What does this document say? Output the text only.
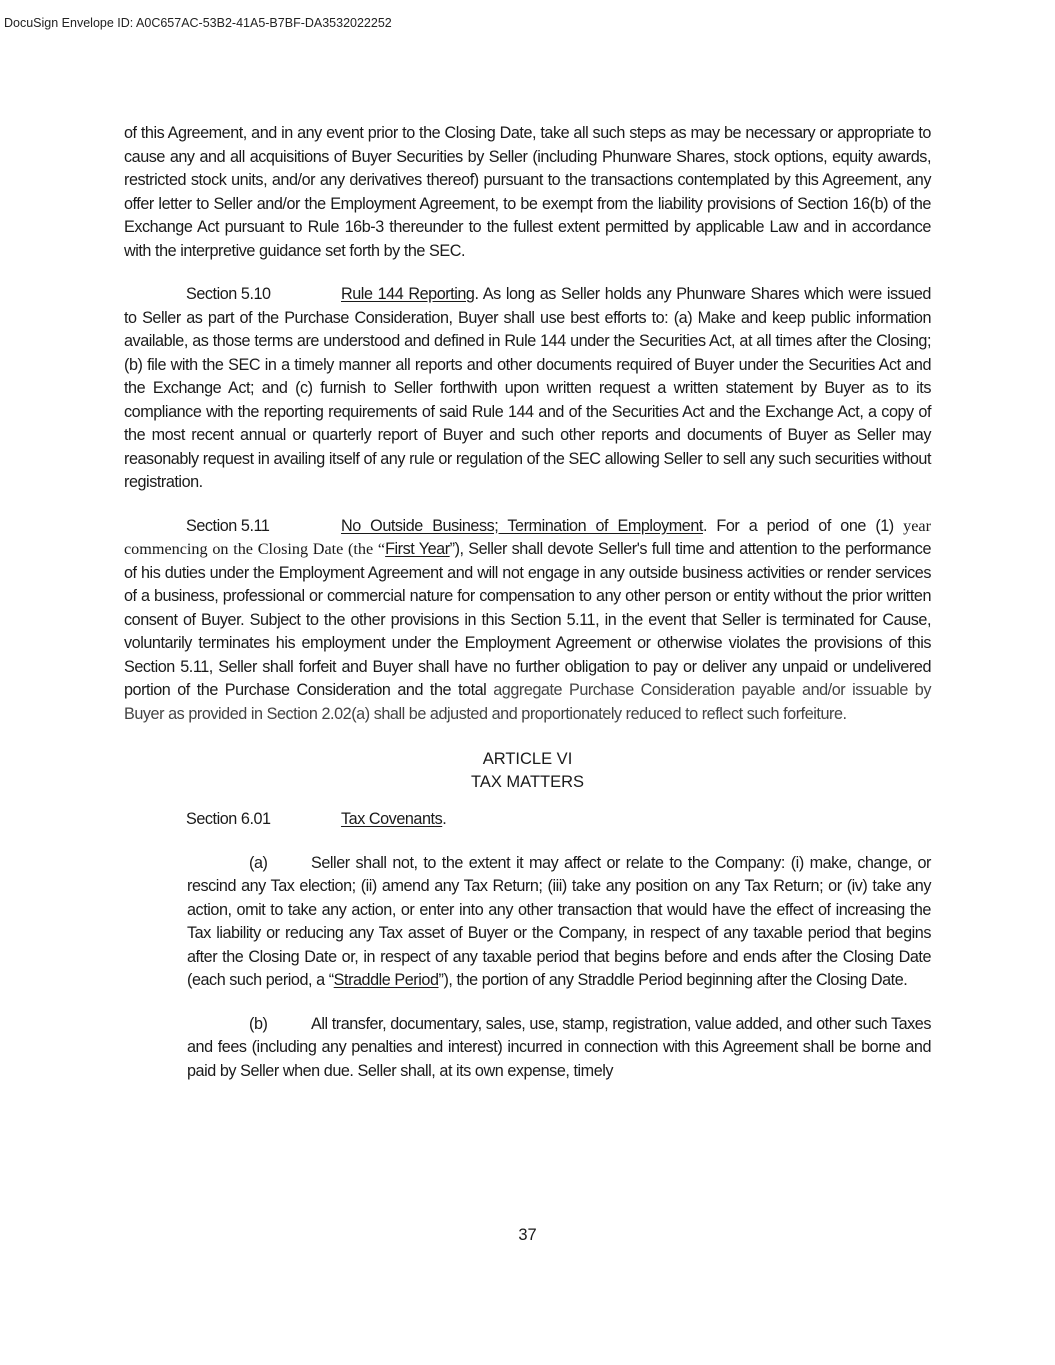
DocuSign Envelope ID: A0C657AC-53B2-41A5-B7BF-DA3532022252

of this Agreement, and in any event prior to the Closing Date, take all such steps as may be necessary or appropriate to cause any and all acquisitions of Buyer Securities by Seller (including Phunware Shares, stock options, equity awards, restricted stock units, and/or any derivatives thereof) pursuant to the transactions contemplated by this Agreement, any offer letter to Seller and/or the Employment Agreement, to be exempt from the liability provisions of Section 16(b) of the Exchange Act pursuant to Rule 16b-3 thereunder to the fullest extent permitted by applicable Law and in accordance with the interpretive guidance set forth by the SEC.

Section 5.10	Rule 144 Reporting. As long as Seller holds any Phunware Shares which were issued to Seller as part of the Purchase Consideration, Buyer shall use best efforts to: (a) Make and keep public information available, as those terms are understood and defined in Rule 144 under the Securities Act, at all times after the Closing; (b) file with the SEC in a timely manner all reports and other documents required of Buyer under the Securities Act and the Exchange Act; and (c) furnish to Seller forthwith upon written request a written statement by Buyer as to its compliance with the reporting requirements of said Rule 144 and of the Securities Act and the Exchange Act, a copy of the most recent annual or quarterly report of Buyer and such other reports and documents of Buyer as Seller may reasonably request in availing itself of any rule or regulation of the SEC allowing Seller to sell any such securities without registration.

Section 5.11	No Outside Business; Termination of Employment. For a period of one (1) year commencing on the Closing Date (the “First Year”), Seller shall devote Seller's full time and attention to the performance of his duties under the Employment Agreement and will not engage in any outside business activities or render services of a business, professional or commercial nature for compensation to any other person or entity without the prior written consent of Buyer. Subject to the other provisions in this Section 5.11, in the event that Seller is terminated for Cause, voluntarily terminates his employment under the Employment Agreement or otherwise violates the provisions of this Section 5.11, Seller shall forfeit and Buyer shall have no further obligation to pay or deliver any unpaid or undelivered portion of the Purchase Consideration and the total aggregate Purchase Consideration payable and/or issuable by Buyer as provided in Section 2.02(a) shall be adjusted and proportionately reduced to reflect such forfeiture.

ARTICLE VI
TAX MATTERS

Section 6.01	Tax Covenants.

(a)	Seller shall not, to the extent it may affect or relate to the Company: (i) make, change, or rescind any Tax election; (ii) amend any Tax Return; (iii) take any position on any Tax Return; or (iv) take any action, omit to take any action, or enter into any other transaction that would have the effect of increasing the Tax liability or reducing any Tax asset of Buyer or the Company, in respect of any taxable period that begins after the Closing Date or, in respect of any taxable period that begins before and ends after the Closing Date (each such period, a “Straddle Period”), the portion of any Straddle Period beginning after the Closing Date.

(b)	All transfer, documentary, sales, use, stamp, registration, value added, and other such Taxes and fees (including any penalties and interest) incurred in connection with this Agreement shall be borne and paid by Seller when due. Seller shall, at its own expense, timely

37
